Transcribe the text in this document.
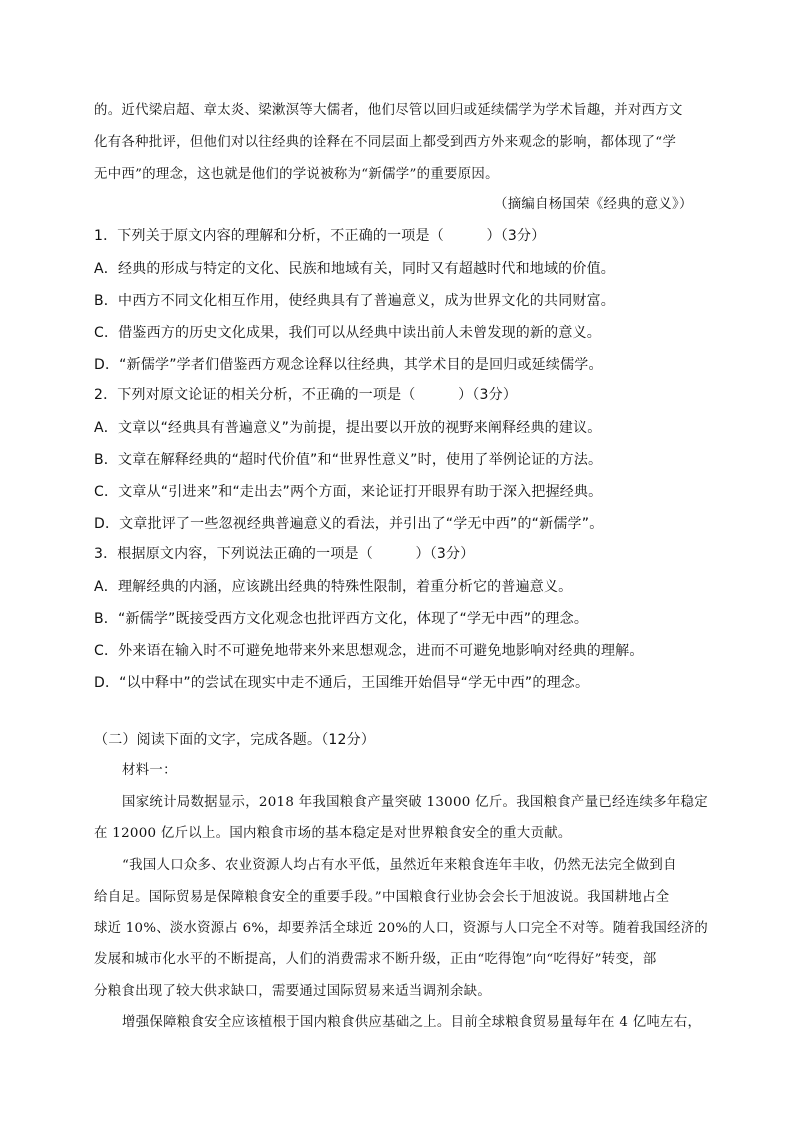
的。近代梁启超、章太炎、梁漱溟等大儒者，他们尽管以回归或延续儒学为学术旨趣，并对西方文
化有各种批评，但他们对以往经典的诠释在不同层面上都受到西方外来观念的影响，都体现了“学
无中西”的理念，这也就是他们的学说被称为“新儒学”的重要原因。
（摘编自杨国荣《经典的意义》）
1．下列关于原文内容的理解和分析，不正确的一项是（　　　）（3分）
A．经典的形成与特定的文化、民族和地域有关，同时又有超越时代和地域的价值。
B．中西方不同文化相互作用，使经典具有了普遍意义，成为世界文化的共同财富。
C．借鉴西方的历史文化成果，我们可以从经典中读出前人未曾发现的新的意义。
D．“新儒学”学者们借鉴西方观念诠释以往经典，其学术目的是回归或延续儒学。
2．下列对原文论证的相关分析，不正确的一项是（　　　）（3分）
A．文章以“经典具有普遍意义”为前提，提出要以开放的视野来阐释经典的建议。
B．文章在解释经典的“超时代价值”和“世界性意义”时，使用了举例论证的方法。
C．文章从“引进来”和“走出去”两个方面，来论证打开眼界有助于深入把握经典。
D．文章批评了一些忽视经典普遍意义的看法，并引出了“学无中西”的“新儒学”。
3．根据原文内容，下列说法正确的一项是（　　　）（3分）
A．理解经典的内涵，应该跳出经典的特殊性限制，着重分析它的普遍意义。
B．“新儒学”既接受西方文化观念也批评西方文化，体现了“学无中西”的理念。
C．外来语在输入时不可避免地带来外来思想观念，进而不可避免地影响对经典的理解。
D．“以中释中”的尝试在现实中走不通后，王国维开始倡导“学无中西”的理念。
（二）阅读下面的文字，完成各题。（12分）
材料一：
国家统计局数据显示，2018 年我国粮食产量突破 13000 亿斤。我国粮食产量已经连续多年稳定
在 12000 亿斤以上。国内粮食市场的基本稳定是对世界粮食安全的重大贡献。
“我国人口众多、农业资源人均占有水平低，虽然近年来粮食连年丰收，仍然无法完全做到自
给自足。国际贸易是保障粮食安全的重要手段。”中国粮食行业协会会长于旭波说。我国耕地占全
球近 10%、淡水资源占 6%，却要养活全球近 20%的人口，资源与人口完全不对等。随着我国经济的
发展和城市化水平的不断提高，人们的消费需求不断升级，正由“吃得饱”向“吃得好”转变，部
分粮食出现了较大供求缺口，需要通过国际贸易来适当调剂余缺。
增强保障粮食安全应该植根于国内粮食供应基础之上。目前全球粮食贸易量每年在 4 亿吨左右，
